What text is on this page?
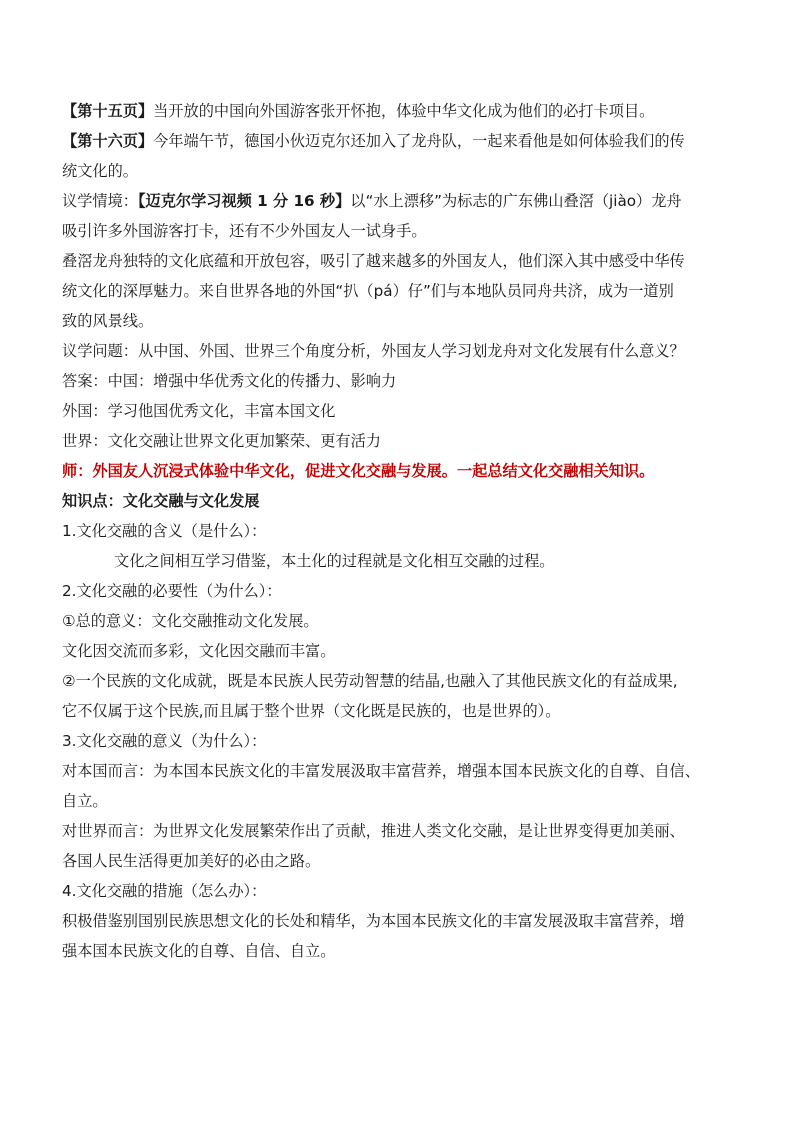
【第十五页】当开放的中国向外国游客张开怀抱，体验中华文化成为他们的必打卡项目。
【第十六页】今年端午节，德国小伙迈克尔还加入了龙舟队，一起来看他是如何体验我们的传
统文化的。
议学情境：【迈克尔学习视频 1 分 16 秒】以“水上漂移”为标志的广东佛山叠滘（jiào）龙舟
吸引许多外国游客打卡，还有不少外国友人一试身手。
叠滘龙舟独特的文化底蕴和开放包容，吸引了越来越多的外国友人，他们深入其中感受中华传
统文化的深厚魅力。来自世界各地的外国“扒（pá）仔”们与本地队员同舟共济，成为一道别
致的风景线。
议学问题：从中国、外国、世界三个角度分析，外国友人学习划龙舟对文化发展有什么意义？
答案：中国：增强中华优秀文化的传播力、影响力
外国：学习他国优秀文化，丰富本国文化
世界：文化交融让世界文化更加繁荣、更有活力
师：外国友人沉浸式体验中华文化，促进文化交融与发展。一起总结文化交融相关知识。
知识点：文化交融与文化发展
1.文化交融的含义（是什么）：
文化之间相互学习借鉴，本土化的过程就是文化相互交融的过程。
2.文化交融的必要性（为什么）：
①总的意义：文化交融推动文化发展。
文化因交流而多彩，文化因交融而丰富。
②一个民族的文化成就，既是本民族人民劳动智慧的结晶,也融入了其他民族文化的有益成果,
它不仅属于这个民族,而且属于整个世界（文化既是民族的，也是世界的）。
3.文化交融的意义（为什么）：
对本国而言：为本国本民族文化的丰富发展汲取丰富营养，增强本国本民族文化的自尊、自信、
自立。
对世界而言：为世界文化发展繁荣作出了贡献，推进人类文化交融，是让世界变得更加美丽、
各国人民生活得更加美好的必由之路。
4.文化交融的措施（怎么办）：
积极借鉴别国别民族思想文化的长处和精华，为本国本民族文化的丰富发展汲取丰富营养，增
强本国本民族文化的自尊、自信、自立。
